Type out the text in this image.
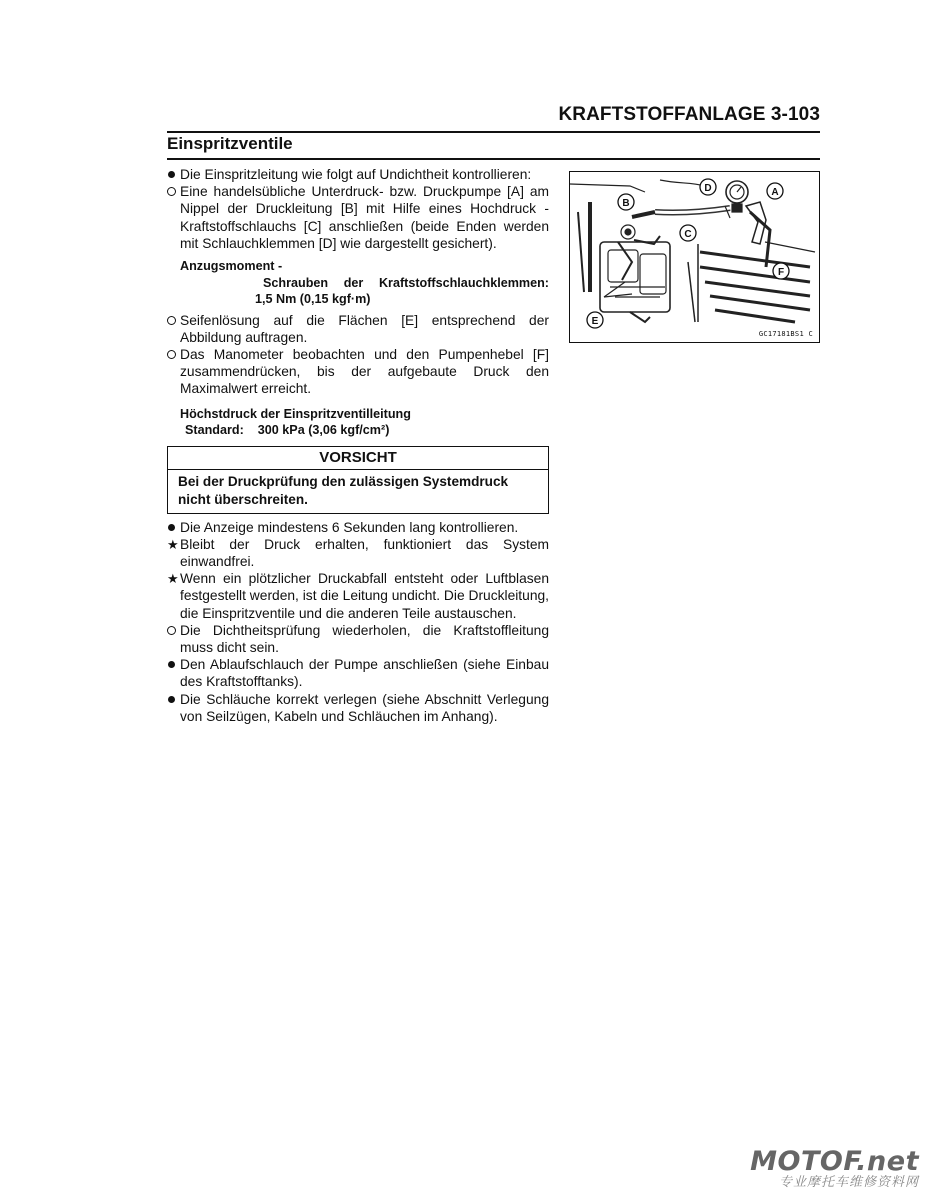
KRAFTSTOFFANLAGE 3-103
Einspritzventile
Die Einspritzleitung wie folgt auf Undichtheit kontrollieren:
Eine handelsübliche Unterdruck- bzw. Druckpumpe [A] am Nippel der Druckleitung [B] mit Hilfe eines Hochdruck -Kraftstoffschlauchs [C] anschließen (beide Enden werden mit Schlauchklemmen [D] wie dargestellt gesichert).
Anzugsmoment -
Schrauben der Kraftstoffschlauchklemmen:
1,5 Nm (0,15 kgf·m)
Seifenlösung auf die Flächen [E] entsprechend der Abbildung auftragen.
Das Manometer beobachten und den Pumpenhebel [F] zusammendrücken, bis der aufgebaute Druck den Maximalwert erreicht.
Höchstdruck der Einspritzventilleitung
Standard: 300 kPa (3,06 kgf/cm²)
VORSICHT
Bei der Druckprüfung den zulässigen Systemdruck nicht überschreiten.
Die Anzeige mindestens 6 Sekunden lang kontrollieren.
★ Bleibt der Druck erhalten, funktioniert das System einwandfrei.
★ Wenn ein plötzlicher Druckabfall entsteht oder Luftblasen festgestellt werden, ist die Leitung undicht. Die Druckleitung, die Einspritzventile und die anderen Teile austauschen.
Die Dichtheitsprüfung wiederholen, die Kraftstoffleitung muss dicht sein.
Den Ablaufschlauch der Pumpe anschließen (siehe Einbau des Kraftstofftanks).
Die Schläuche korrekt verlegen (siehe Abschnitt Verlegung von Seilzügen, Kabeln und Schläuchen im Anhang).
D	A
B
C
F
E
GC17181BS1 C
MOTOF.net
专业摩托车维修资料网
